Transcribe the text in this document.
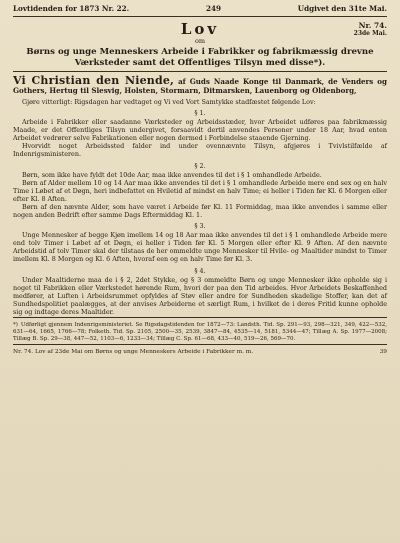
Lovtidenden for 1873 Nr. 22.	249	Udgivet den 31te Mai.
Lov
om
Nr. 74.
23de Mai.
Børns og unge Menneskers Arbeide i Fabrikker og fabrikmæssig drevne Værksteder samt det Offentliges Tilsyn med disse*).
Vi Christian den Niende, af Guds Naade Konge til Danmark, de Venders og Gothers, Hertug til Slesvig, Holsten, Stormarn, Ditmarsken, Lauenborg og Oldenborg,

Gjøre vitterligt: Rigsdagen har vedtaget og Vi ved Vort Samtykke stadfæstet følgende Lov:

§ 1.

Arbeide i Fabrikker eller saadanne Værksteder og Arbeidsstæder, hvor Arbeidet udføres paa fabrikmæssig Maade, er det Offentliges Tilsyn undergivet, forsaavidt dertil anvendes Personer under 18 Aar, hvad enten Arbeidet vedrører selve Fabrikationen eller nogen dermed i Forbindelse staaende Gjerning.

Hvorvidt noget Arbeidssted falder ind under ovennævnte Tilsyn, afgjøres i Tvivlstilfælde af Indenrigsministeren.

§ 2.

Børn, som ikke have fyldt det 10de Aar, maa ikke anvendes til det i § 1 omhandlede Arbeide.

Børn af Alder mellem 10 og 14 Aar maa ikke anvendes til det i § 1 omhandlede Arbeide mere end sex og en halv Time i Løbet af et Døgn, heri indbefattet en Hviletid af mindst en halv Time; ei heller i Tiden før Kl. 6 Morgen eller efter Kl. 8 Aften.

Børn af den nævnte Alder, som have været i Arbeide før Kl. 11 Formiddag, maa ikke anvendes i samme eller nogen anden Bedrift efter samme Dags Eftermiddag Kl. 1.

§ 3.

Unge Mennesker af begge Kjøn imellem 14 og 18 Aar maa ikke anvendes til det i § 1 omhandlede Arbeide mere end tolv Timer i Løbet af et Døgn, ei heller i Tiden før Kl. 5 Morgen eller efter Kl. 9 Aften. Af den nævnte Arbeidstid af tolv Timer skal der tilstaas de her ommeldte unge Mennesker til Hvile- og Maaltider mindst to Timer imellem Kl. 8 Morgen og Kl. 6 Aften, hvoraf een og en halv Time før Kl. 3.

§ 4.

Under Maaltiderne maa de i § 2, 2det Stykke, og § 3 ommeldte Børn og unge Mennesker ikke opholde sig i noget til Fabrikken eller Værkstedet hørende Rum, hvori der paa den Tid arbeides. Hvor Arbeidets Beskaffenhed medfører, at Luften i Arbeidsrummet opfyldes af Støv eller andre for Sundheden skadelige Stoffer, kan det af Sundhedspolitiet paalægges, at der anvises Arbeiderne et særligt Rum, i hvilket de i deres Fritid kunne opholde sig og indtage deres Maaltider.

*) Udførligt gjennem Indenrigsministeriet. Se Rigsdagstidenden for 1872—73: Landsth. Tid. Sp. 291—93, 298—321, 349, 422—532, 631—64, 1665, 1766—78; Folketh. Tid. Sp. 2105, 2500—35, 2539, 3847—84, 4535—14, 5181, 5344—47; Tillæg A. Sp. 1977—2008; Tillæg B. Sp. 29—38, 447—52, 1103—6, 1233—34; Tillæg C. Sp. 61—68, 433—40, 519—26, 569—70.
Nr. 74. Lov af 23de Mai om Børns og unge Menneskers Arbeide i Fabrikker m. m.	39
